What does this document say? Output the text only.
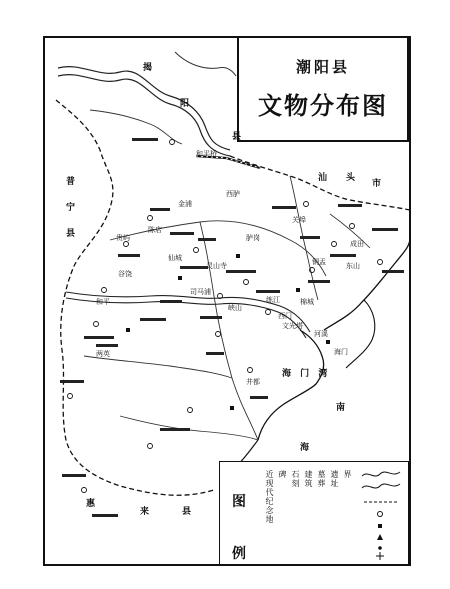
潮阳县
文物分布图
揭
阳
县
汕 头
市
普
宁
县
海 门 湾
南
海
惠
来	县
和平桥
练江	棉城
海门
铜盂
峡山
陈店
谷饶
灵山寺	东山
西胪
关埠
金浦
和平
两英
司马浦
仙城
胪岗
贵屿
河溪
井都
成田
西门
文光塔
图 例
界
遗址
墓葬
建筑
石刻
碑
近现代纪念地
